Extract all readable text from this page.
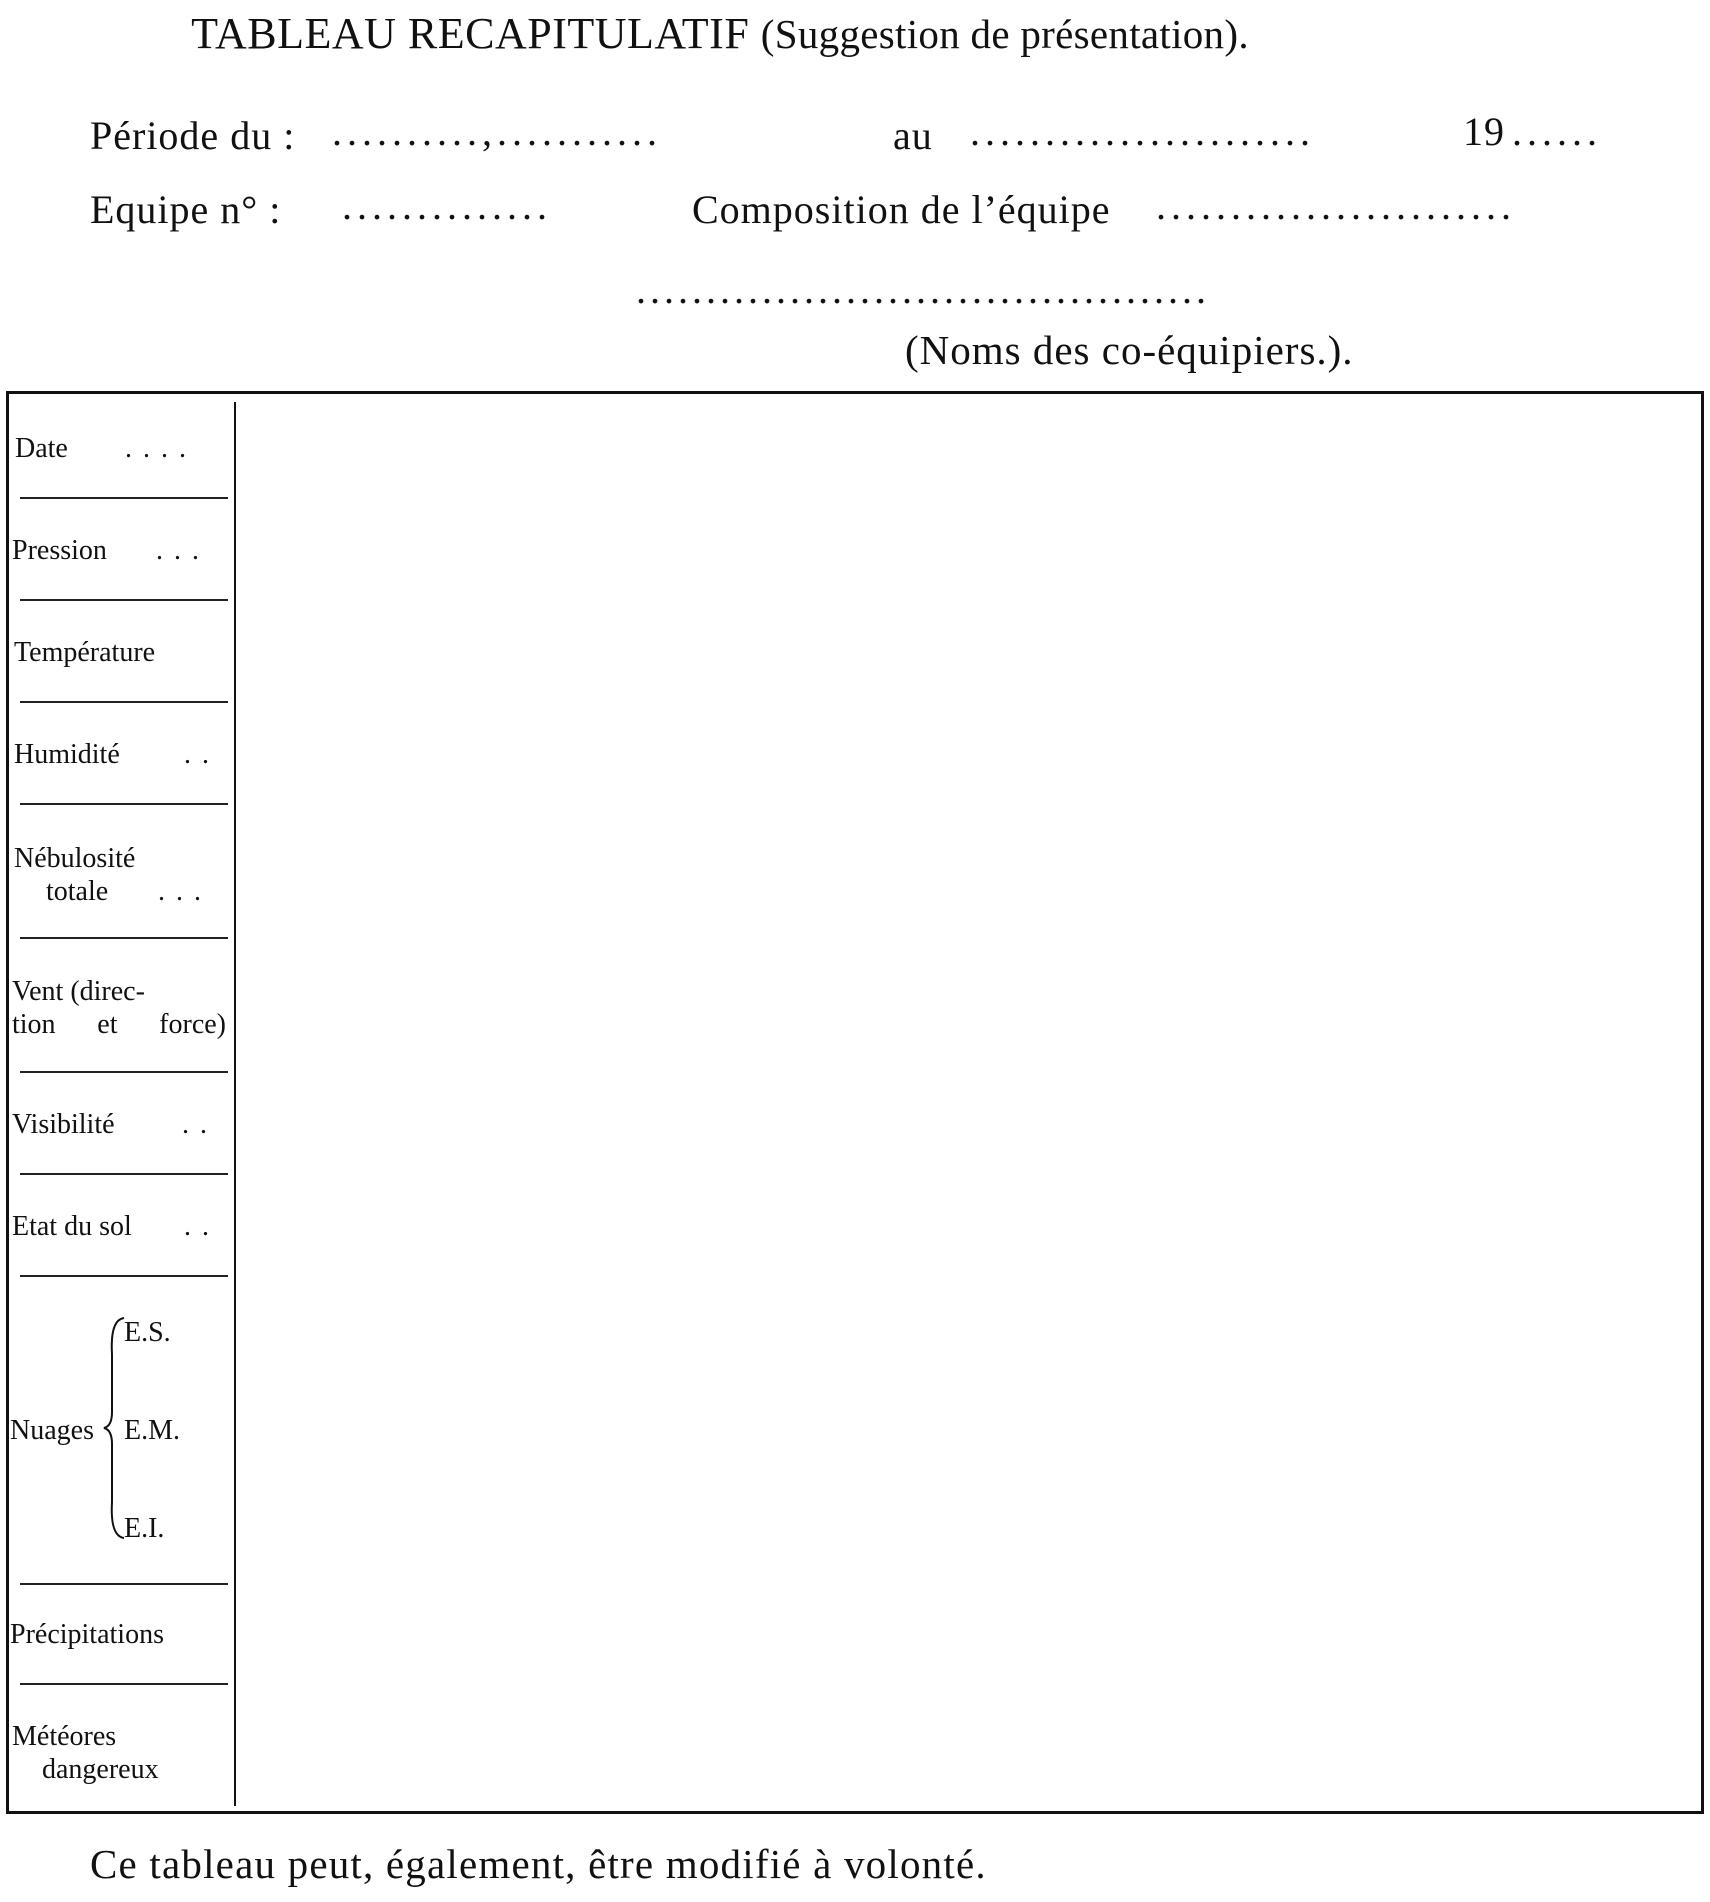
TABLEAU RECAPITULATIF (Suggestion de présentation).
Période du : ..........,...........	au .......................	19 ......
Equipe n° : ..............	Composition de l’équipe ........................
.........................................
(Noms des co-équipiers.).
Date . . . .
Pression . . .
Température
Humidité . .
Nébulosité
totale . . .
Vent (direc-
tion et force)
Visibilité . .
Etat du sol . .
Nuages
E.S.
E.M.
E.I.
Précipitations
Météores
dangereux
Ce tableau peut, également, être modifié à volonté.
